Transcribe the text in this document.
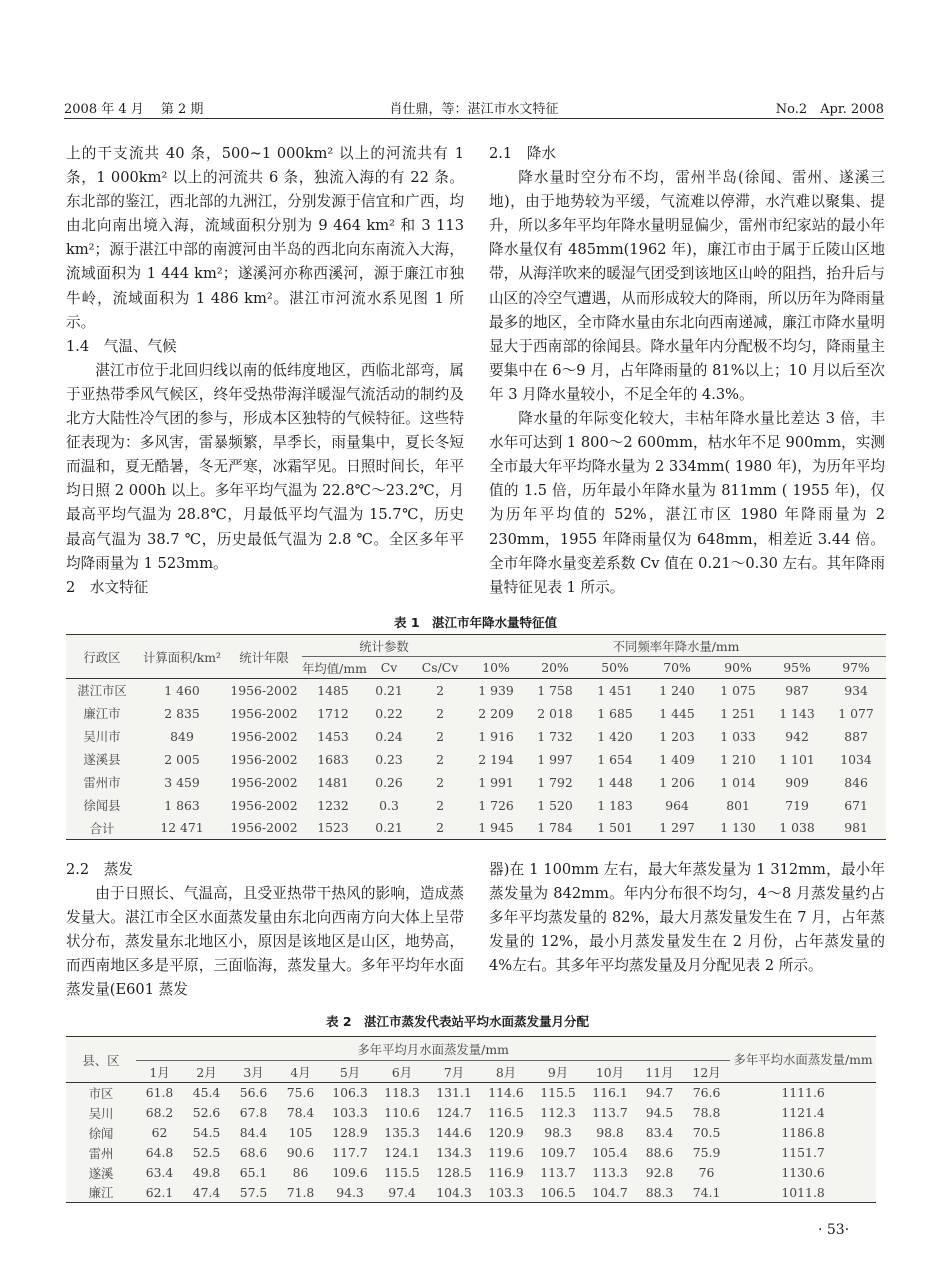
2008 年 4 月　 第 2 期	肖仕鼎，等：湛江市水文特征	No.2　Apr. 2008

上的干支流共 40 条，500~1 000km² 以上的河流共有 1 条，1 000km² 以上的河流共 6 条，独流入海的有 22 条。东北部的鉴江，西北部的九洲江，分别发源于信宜和广西，均由北向南出境入海，流域面积分别为 9 464 km² 和 3 113 km²；源于湛江中部的南渡河由半岛的西北向东南流入大海，流域面积为 1 444 km²；遂溪河亦称西溪河，源于廉江市独牛岭，流域面积为 1 486 km²。湛江市河流水系见图 1 所示。

1.4　气温、气候

湛江市位于北回归线以南的低纬度地区，西临北部弯，属于亚热带季风气候区，终年受热带海洋暖湿气流活动的制约及北方大陆性冷气团的参与，形成本区独特的气候特征。这些特征表现为：多风害，雷暴频繁，旱季长，雨量集中，夏长冬短而温和，夏无酷暑，冬无严寒，冰霜罕见。日照时间长，年平均日照 2 000h 以上。多年平均气温为 22.8℃～23.2℃，月最高平均气温为 28.8℃，月最低平均气温为 15.7℃，历史最高气温为 38.7 ℃，历史最低气温为 2.8 ℃。全区多年平均降雨量为 1 523mm。

2　水文特征

2.1　降水

降水量时空分布不均，雷州半岛(徐闻、雷州、遂溪三地)，由于地势较为平缓，气流难以停滞，水汽难以聚集、提升，所以多年平均年降水量明显偏少，雷州市纪家站的最小年降水量仅有 485mm(1962 年)，廉江市由于属于丘陵山区地带，从海洋吹来的暖湿气团受到该地区山岭的阻挡，抬升后与山区的冷空气遭遇，从而形成较大的降雨，所以历年为降雨量最多的地区，全市降水量由东北向西南递减，廉江市降水量明显大于西南部的徐闻县。降水量年内分配极不均匀，降雨量主要集中在 6～9 月，占年降雨量的 81%以上；10 月以后至次年 3 月降水量较小，不足全年的 4.3%。

降水量的年际变化较大，丰枯年降水量比差达 3 倍，丰水年可达到 1 800～2 600mm，枯水年不足 900mm，实测全市最大年平均降水量为 2 334mm( 1980 年)，为历年平均值的 1.5 倍，历年最小年降水量为 811mm ( 1955 年)，仅为历年平均值的 52%，湛江市区 1980 年降雨量为 2 230mm，1955 年降雨量仅为 648mm，相差近 3.44 倍。全市年降水量变差系数 Cv 值在 0.21～0.30 左右。其年降雨量特征见表 1 所示。

表 1　湛江市年降水量特征值
行政区	计算面积/km²	统计年限	统计参数			不同频率年降水量/mm						
			年均值/mm	Cv	Cs/Cv	10%	20%	50%	70%	90%	95%	97%
湛江市区	1 460	1956-2002	1485	0.21	2	1 939	1 758	1 451	1 240	1 075	987	934
廉江市	2 835	1956-2002	1712	0.22	2	2 209	2 018	1 685	1 445	1 251	1 143	1 077
吴川市	849	1956-2002	1453	0.24	2	1 916	1 732	1 420	1 203	1 033	942	887
遂溪县	2 005	1956-2002	1683	0.23	2	2 194	1 997	1 654	1 409	1 210	1 101	1034
雷州市	3 459	1956-2002	1481	0.26	2	1 991	1 792	1 448	1 206	1 014	909	846
徐闻县	1 863	1956-2002	1232	0.3	2	1 726	1 520	1 183	964	801	719	671
合计	12 471	1956-2002	1523	0.21	2	1 945	1 784	1 501	1 297	1 130	1 038	981

2.2　蒸发

由于日照长、气温高，且受亚热带干热风的影响，造成蒸发量大。湛江市全区水面蒸发量由东北向西南方向大体上呈带状分布，蒸发量东北地区小，原因是该地区是山区，地势高，而西南地区多是平原，三面临海，蒸发量大。多年平均年水面蒸发量(E601 蒸发

器)在 1 100mm 左右，最大年蒸发量为 1 312mm，最小年蒸发量为 842mm。年内分布很不均匀，4～8 月蒸发量约占多年平均蒸发量的 82%，最大月蒸发量发生在 7 月，占年蒸发量的 12%，最小月蒸发量发生在 2 月份，占年蒸发量的 4%左右。其多年平均蒸发量及月分配见表 2 所示。

表 2　湛江市蒸发代表站平均水面蒸发量月分配
县、区	多年平均月水面蒸发量/mm												多年平均水面蒸发量/mm
	1月	2月	3月	4月	5月	6月	7月	8月	9月	10月	11月	12月	
市区	61.8	45.4	56.6	75.6	106.3	118.3	131.1	114.6	115.5	116.1	94.7	76.6	1111.6
吴川	68.2	52.6	67.8	78.4	103.3	110.6	124.7	116.5	112.3	113.7	94.5	78.8	1121.4
徐闻	62	54.5	84.4	105	128.9	135.3	144.6	120.9	98.3	98.8	83.4	70.5	1186.8
雷州	64.8	52.5	68.6	90.6	117.7	124.1	134.3	119.6	109.7	105.4	88.6	75.9	1151.7
遂溪	63.4	49.8	65.1	86	109.6	115.5	128.5	116.9	113.7	113.3	92.8	76	1130.6
廉江	62.1	47.4	57.5	71.8	94.3	97.4	104.3	103.3	106.5	104.7	88.3	74.1	1011.8
· 53·
